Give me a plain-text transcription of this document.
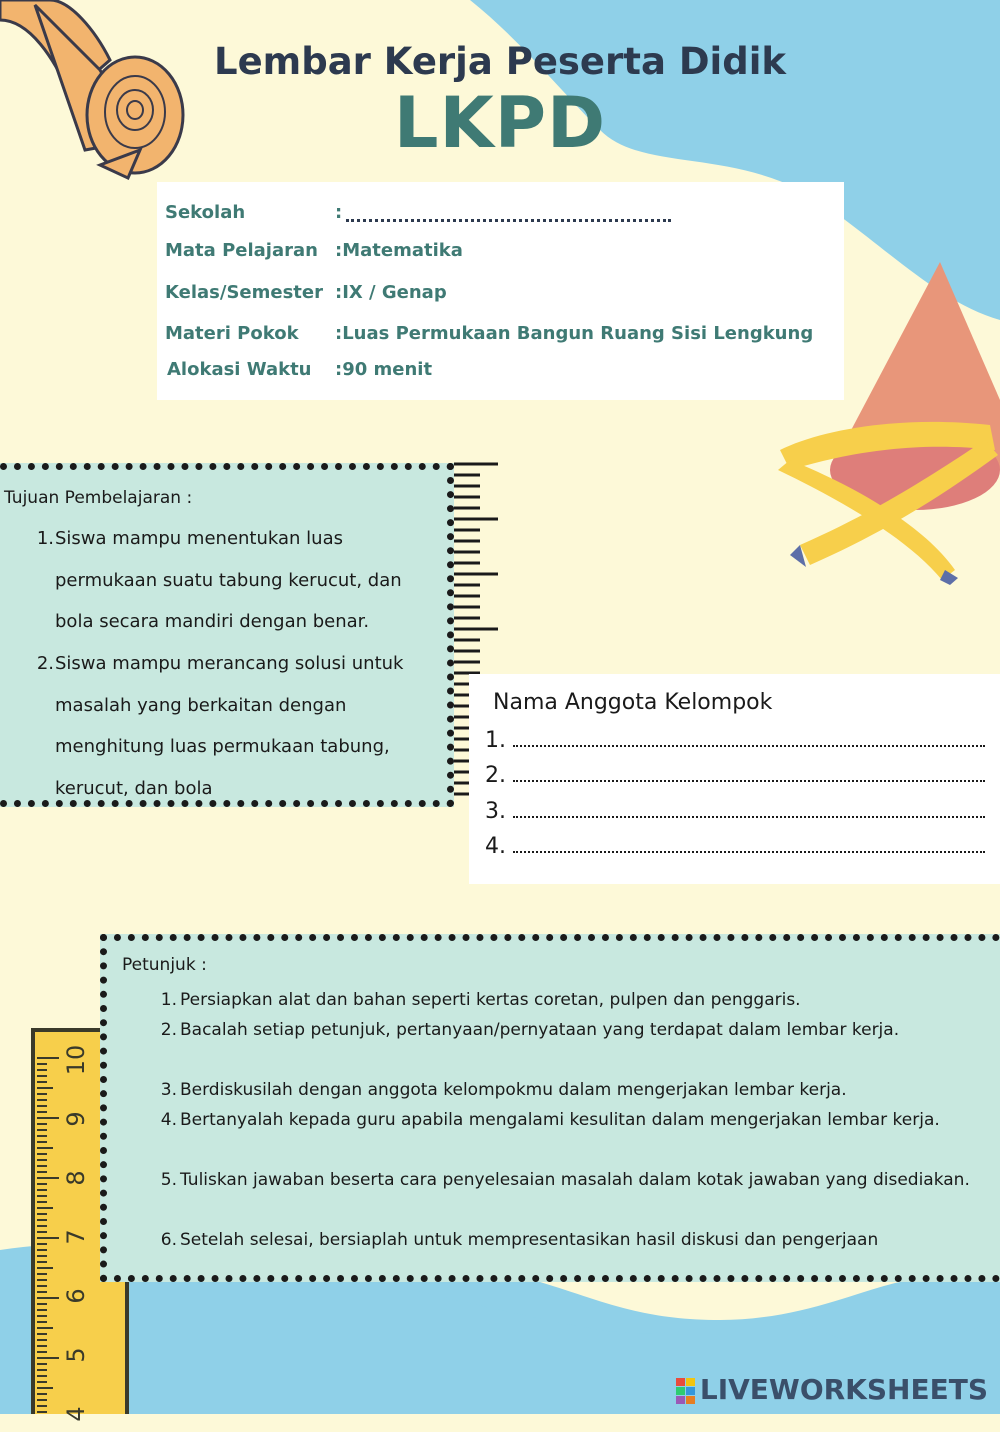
10
9
8
7
6
5
4
Lembar Kerja Peserta Didik
LKPD
Sekolah	:
Mata Pelajaran :Matematika
Kelas/Semester :IX / Genap
Materi Pokok :Luas Permukaan Bangun Ruang Sisi Lengkung
Alokasi Waktu :90 menit
Tujuan Pembelajaran :
1. Siswa mampu menentukan luas permukaan suatu tabung kerucut, dan bola secara mandiri dengan benar.
2. Siswa mampu merancang solusi untuk masalah yang berkaitan dengan menghitung luas permukaan tabung, kerucut, dan bola
Nama Anggota Kelompok
1.
2.
3.
4.
Petunjuk :
1. Persiapkan alat dan bahan seperti kertas coretan, pulpen dan penggaris.
2. Bacalah setiap petunjuk, pertanyaan/pernyataan yang terdapat dalam lembar kerja.
3. Berdiskusilah dengan anggota kelompokmu dalam mengerjakan lembar kerja.
4. Bertanyalah kepada guru apabila mengalami kesulitan dalam mengerjakan lembar kerja.
5. Tuliskan jawaban beserta cara penyelesaian masalah dalam kotak jawaban yang disediakan.
6. Setelah selesai, bersiaplah untuk mempresentasikan hasil diskusi dan pengerjaan
LIVEWORKSHEETS
